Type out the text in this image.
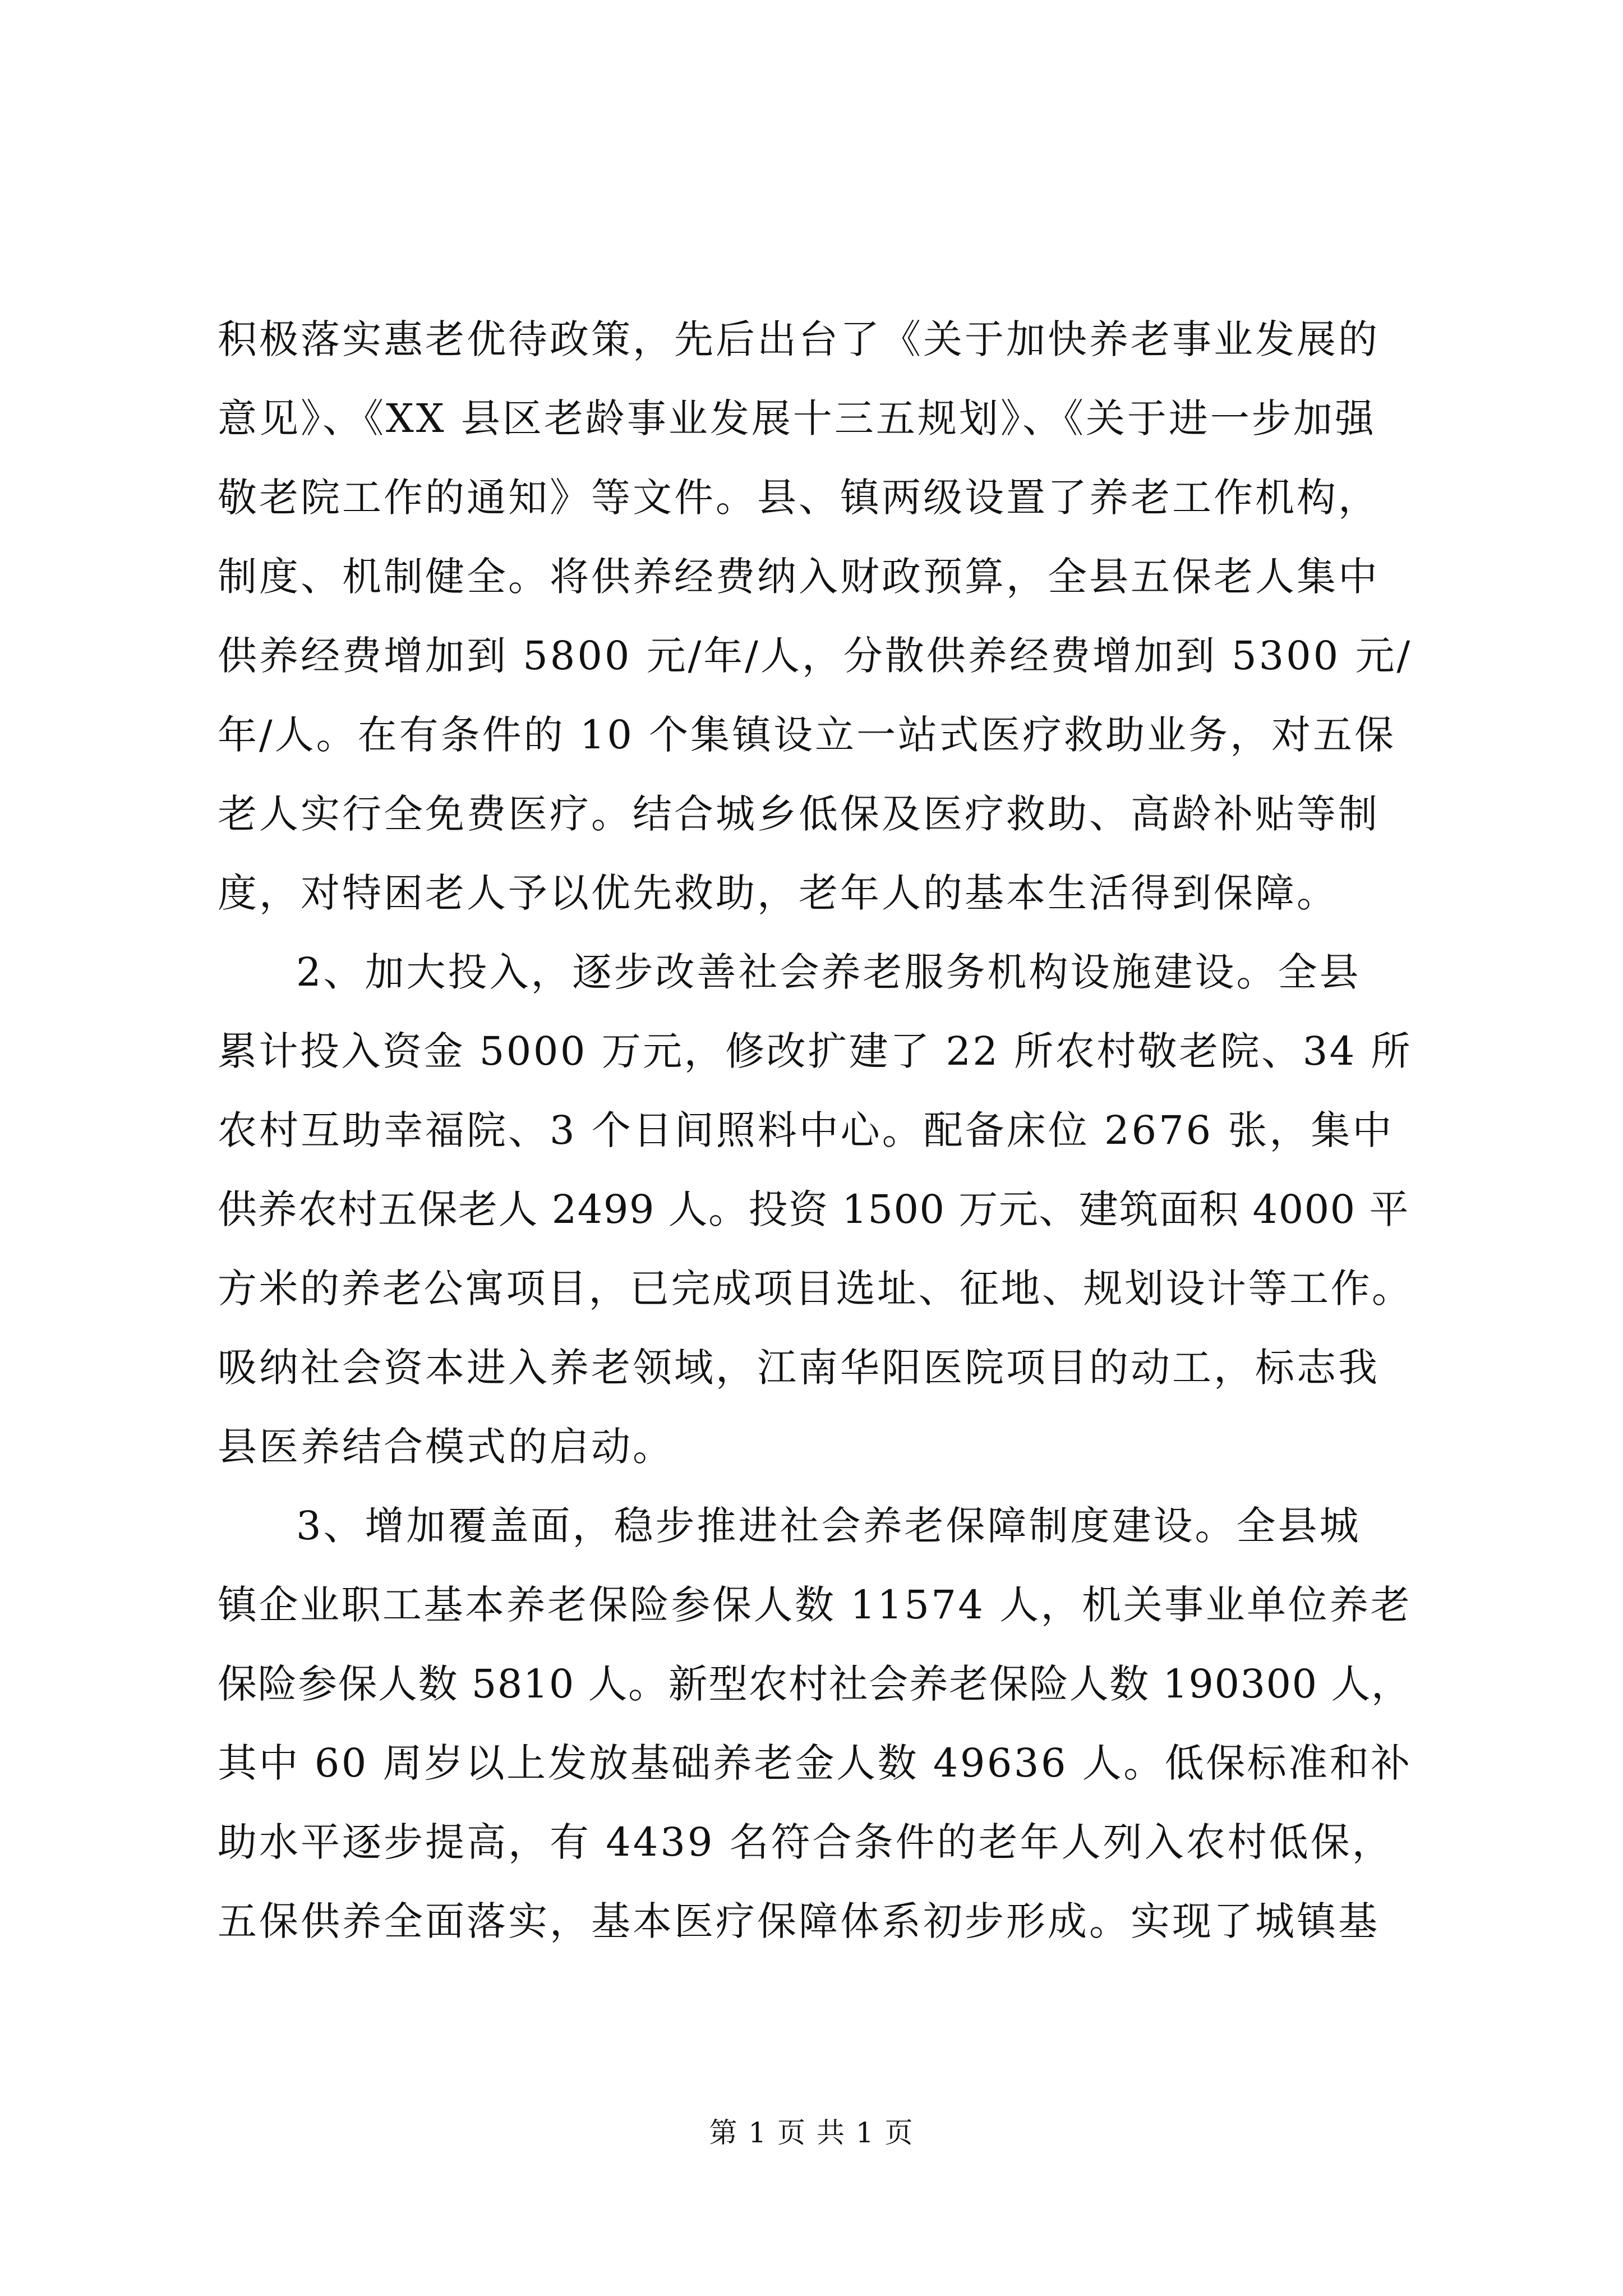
积极落实惠老优待政策，先后出台了《关于加快养老事业发展的
意见》、《XX 县区老龄事业发展十三五规划》、《关于进一步加强
敬老院工作的通知》等文件。县、镇两级设置了养老工作机构，
制度、机制健全。将供养经费纳入财政预算，全县五保老人集中
供养经费增加到 5800 元/年/人，分散供养经费增加到 5300 元/
年/人。在有条件的 10 个集镇设立一站式医疗救助业务，对五保
老人实行全免费医疗。结合城乡低保及医疗救助、高龄补贴等制
度，对特困老人予以优先救助，老年人的基本生活得到保障。
2、加大投入，逐步改善社会养老服务机构设施建设。全县
累计投入资金 5000 万元，修改扩建了 22 所农村敬老院、34 所
农村互助幸福院、3 个日间照料中心。配备床位 2676 张，集中
供养农村五保老人 2499 人。投资 1500 万元、建筑面积 4000 平
方米的养老公寓项目，已完成项目选址、征地、规划设计等工作。
吸纳社会资本进入养老领域，江南华阳医院项目的动工，标志我
县医养结合模式的启动。
3、增加覆盖面，稳步推进社会养老保障制度建设。全县城
镇企业职工基本养老保险参保人数 11574 人，机关事业单位养老
保险参保人数 5810 人。新型农村社会养老保险人数 190300 人，
其中 60 周岁以上发放基础养老金人数 49636 人。低保标准和补
助水平逐步提高，有 4439 名符合条件的老年人列入农村低保，
五保供养全面落实，基本医疗保障体系初步形成。实现了城镇基
第 1 页 共 1 页
